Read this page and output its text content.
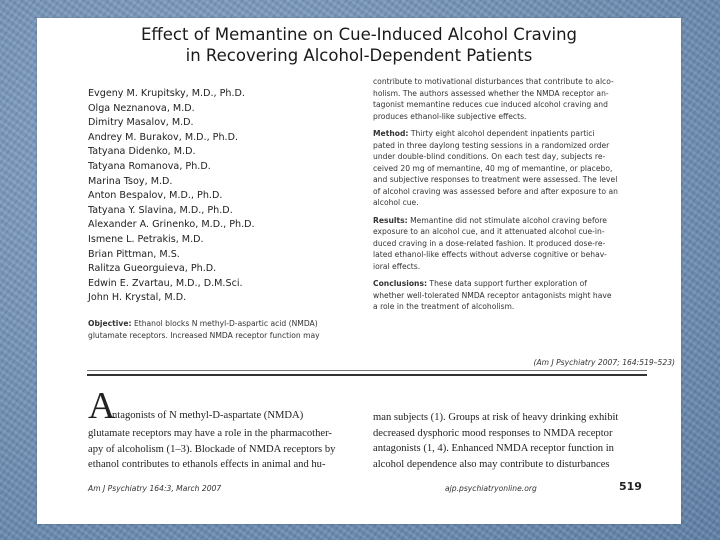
Effect of Memantine on Cue-Induced Alcohol Craving
in Recovering Alcohol-Dependent Patients
Evgeny M. Krupitsky, M.D., Ph.D.
Olga Neznanova, M.D.
Dimitry Masalov, M.D.
Andrey M. Burakov, M.D., Ph.D.
Tatyana Didenko, M.D.
Tatyana Romanova, Ph.D.
Marina Tsoy, M.D.
Anton Bespalov, M.D., Ph.D.
Tatyana Y. Slavina, M.D., Ph.D.
Alexander A. Grinenko, M.D., Ph.D.
Ismene L. Petrakis, M.D.
Brian Pittman, M.S.
Ralitza Gueorguieva, Ph.D.
Edwin E. Zvartau, M.D., D.M.Sci.
John H. Krystal, M.D.
Objective: Ethanol blocks N methyl-D-aspartic acid (NMDA)
glutamate receptors. Increased NMDA receptor function may
contribute to motivational disturbances that contribute to alco-
holism. The authors assessed whether the NMDA receptor an-
tagonist memantine reduces cue induced alcohol craving and
produces ethanol-like subjective effects.
Method: Thirty eight alcohol dependent inpatients partici
pated in three daylong testing sessions in a randomized order
under double-blind conditions. On each test day, subjects re-
ceived 20 mg of memantine, 40 mg of memantine, or placebo,
and subjective responses to treatment were assessed. The level
of alcohol craving was assessed before and after exposure to an
alcohol cue.
Results: Memantine did not stimulate alcohol craving before
exposure to an alcohol cue, and it attenuated alcohol cue-in-
duced craving in a dose-related fashion. It produced dose-re-
lated ethanol-like effects without adverse cognitive or behav-
ioral effects.
Conclusions: These data support further exploration of
whether well-tolerated NMDA receptor antagonists might have
a role in the treatment of alcoholism.
(Am J Psychiatry 2007; 164:519–523)
A
ntagonists of N methyl-D-aspartate (NMDA)
glutamate receptors may have a role in the pharmacother-
apy of alcoholism (1–3). Blockade of NMDA receptors by
ethanol contributes to ethanols effects in animal and hu-
man subjects (1). Groups at risk of heavy drinking exhibit
decreased dysphoric mood responses to NMDA receptor
antagonists (1, 4). Enhanced NMDA receptor function in
alcohol dependence also may contribute to disturbances
Am J Psychiatry 164:3, March 2007	ajp.psychiatryonline.org	519
